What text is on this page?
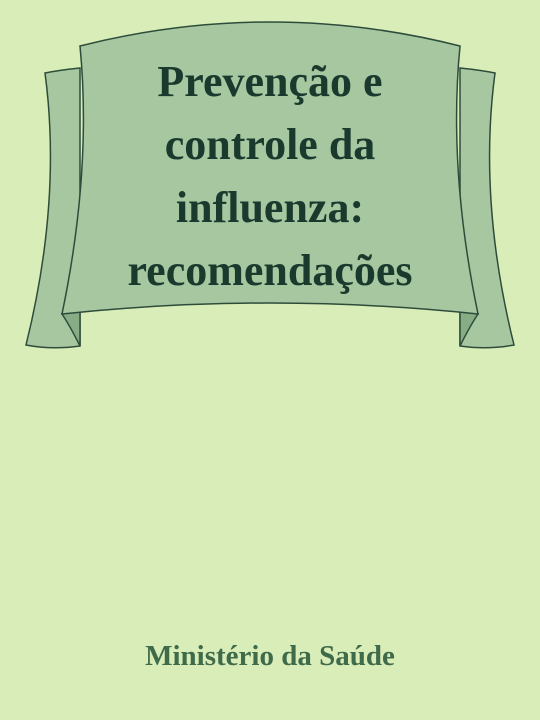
Prevenção e
controle da
influenza:
recomendações
Ministério da Saúde
